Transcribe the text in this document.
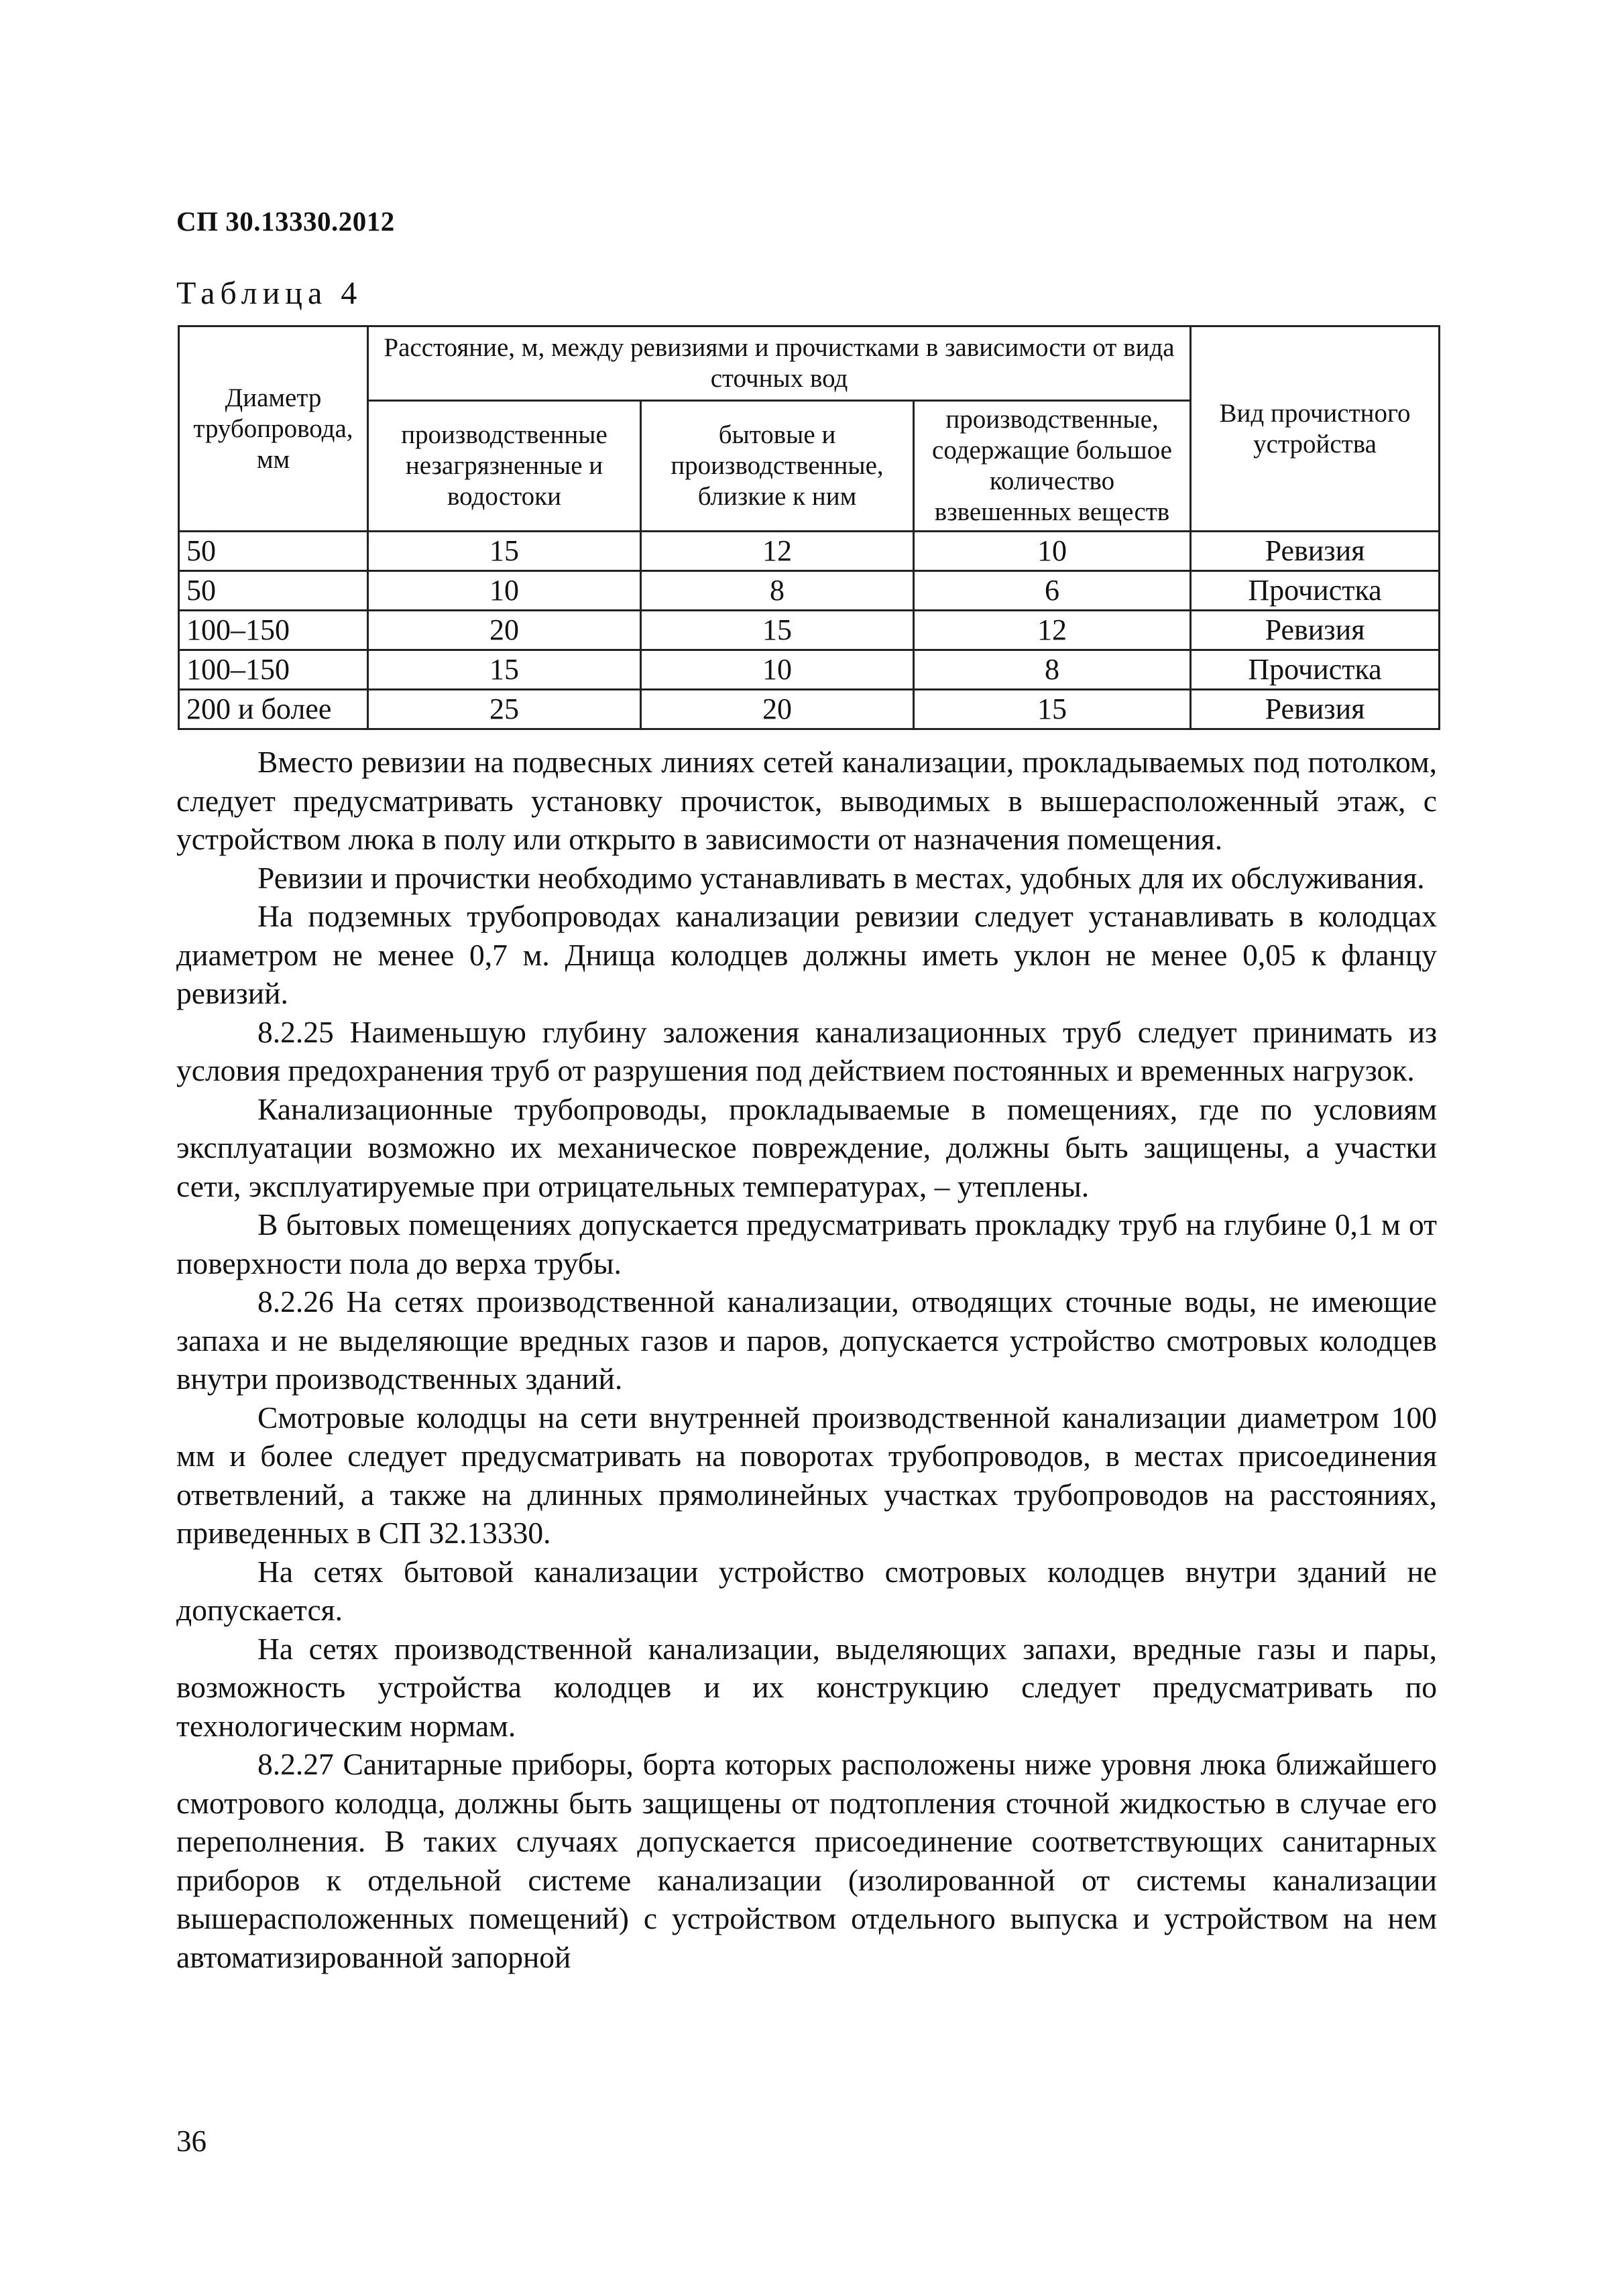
СП 30.13330.2012
Таблица 4
Диаметр трубопровода, мм	Расстояние, м, между ревизиями и прочистками в зависимости от вида сточных вод			Вид прочистного устройства
	производственные незагрязненные и водостоки	бытовые и производственные, близкие к ним	производственные, содержащие большое количество взвешенных веществ	
50	15	12	10	Ревизия
50	10	8	6	Прочистка
100–150	20	15	12	Ревизия
100–150	15	10	8	Прочистка
200 и более	25	20	15	Ревизия

Вместо ревизии на подвесных линиях сетей канализации, прокладываемых под потолком, следует предусматривать установку прочисток, выводимых в вышерасположенный этаж, с устройством люка в полу или открыто в зависимости от назначения помещения.

Ревизии и прочистки необходимо устанавливать в местах, удобных для их обслуживания.

На подземных трубопроводах канализации ревизии следует устанавливать в колодцах диаметром не менее 0,7 м. Днища колодцев должны иметь уклон не менее 0,05 к фланцу ревизий.

8.2.25 Наименьшую глубину заложения канализационных труб следует принимать из условия предохранения труб от разрушения под действием постоянных и временных нагрузок.

Канализационные трубопроводы, прокладываемые в помещениях, где по условиям эксплуатации возможно их механическое повреждение, должны быть защищены, а участки сети, эксплуатируемые при отрицательных температурах, – утеплены.

В бытовых помещениях допускается предусматривать прокладку труб на глубине 0,1 м от поверхности пола до верха трубы.

8.2.26 На сетях производственной канализации, отводящих сточные воды, не имеющие запаха и не выделяющие вредных газов и паров, допускается устройство смотровых колодцев внутри производственных зданий.

Смотровые колодцы на сети внутренней производственной канализации диаметром 100 мм и более следует предусматривать на поворотах трубопроводов, в местах присоединения ответвлений, а также на длинных прямолинейных участках трубопроводов на расстояниях, приведенных в СП 32.13330.

На сетях бытовой канализации устройство смотровых колодцев внутри зданий не допускается.

На сетях производственной канализации, выделяющих запахи, вредные газы и пары, возможность устройства колодцев и их конструкцию следует предусматривать по технологическим нормам.

8.2.27 Санитарные приборы, борта которых расположены ниже уровня люка ближайшего смотрового колодца, должны быть защищены от подтопления сточной жидкостью в случае его переполнения. В таких случаях допускается присоединение соответствующих санитарных приборов к отдельной системе канализации (изолированной от системы канализации вышерасположенных помещений) с устройством отдельного выпуска и устройством на нем автоматизированной запорной

36
